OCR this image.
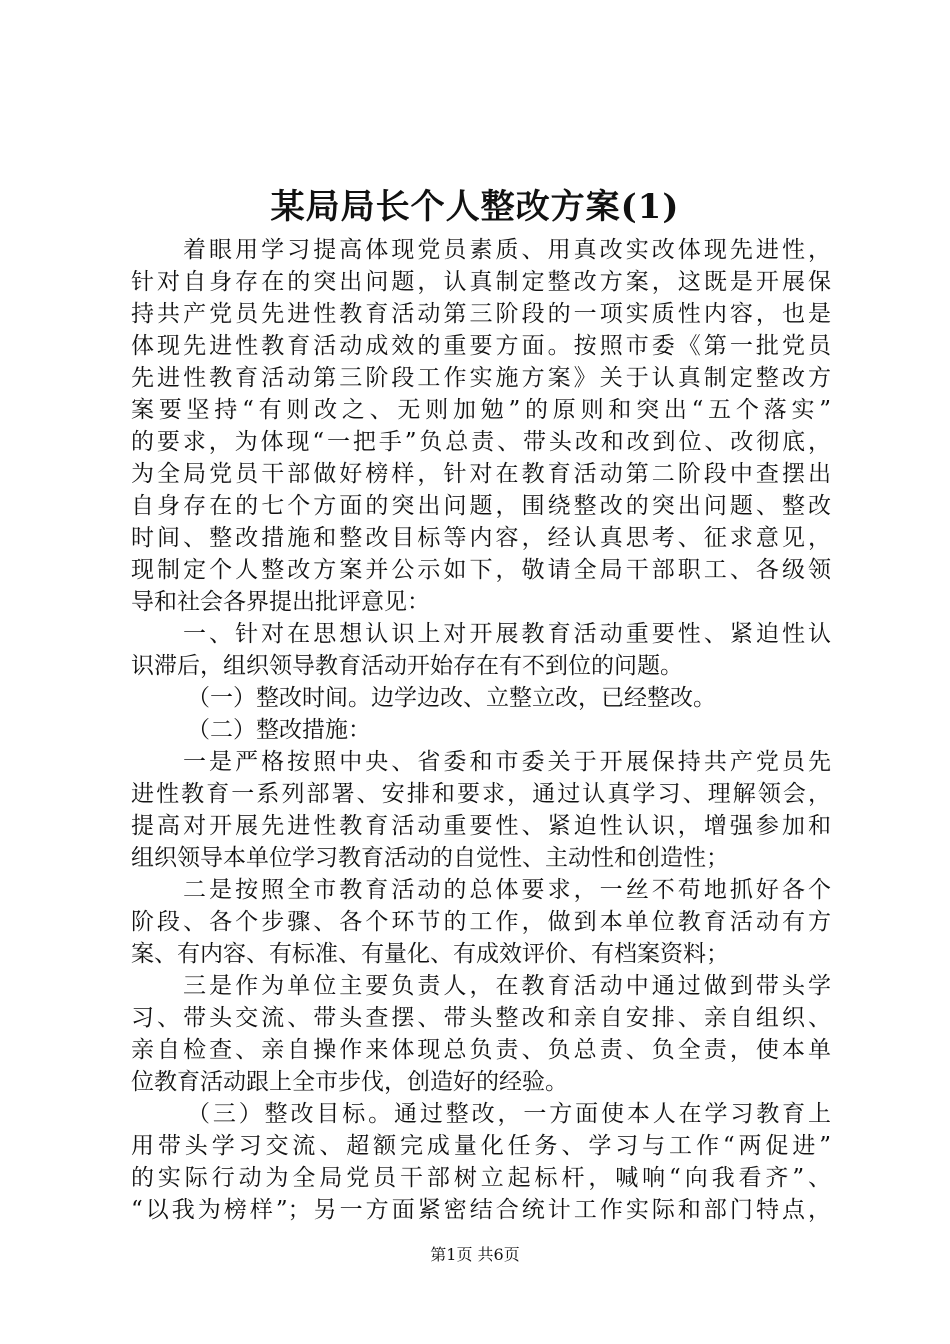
某局局长个人整改方案(1)
着眼用学习提高体现党员素质、用真改实改体现先进性，
针对自身存在的突出问题，认真制定整改方案，这既是开展保
持共产党员先进性教育活动第三阶段的一项实质性内容，也是
体现先进性教育活动成效的重要方面。按照市委《第一批党员
先进性教育活动第三阶段工作实施方案》关于认真制定整改方
案要坚持“有则改之、无则加勉”的原则和突出“五个落实”
的要求，为体现“一把手”负总责、带头改和改到位、改彻底，
为全局党员干部做好榜样，针对在教育活动第二阶段中查摆出
自身存在的七个方面的突出问题，围绕整改的突出问题、整改
时间、整改措施和整改目标等内容，经认真思考、征求意见，
现制定个人整改方案并公示如下，敬请全局干部职工、各级领
导和社会各界提出批评意见：
一、针对在思想认识上对开展教育活动重要性、紧迫性认
识滞后，组织领导教育活动开始存在有不到位的问题。
（一）整改时间。边学边改、立整立改，已经整改。
（二）整改措施：
一是严格按照中央、省委和市委关于开展保持共产党员先
进性教育一系列部署、安排和要求，通过认真学习、理解领会，
提高对开展先进性教育活动重要性、紧迫性认识，增强参加和
组织领导本单位学习教育活动的自觉性、主动性和创造性；
二是按照全市教育活动的总体要求，一丝不苟地抓好各个
阶段、各个步骤、各个环节的工作，做到本单位教育活动有方
案、有内容、有标准、有量化、有成效评价、有档案资料；
三是作为单位主要负责人，在教育活动中通过做到带头学
习、带头交流、带头查摆、带头整改和亲自安排、亲自组织、
亲自检查、亲自操作来体现总负责、负总责、负全责，使本单
位教育活动跟上全市步伐，创造好的经验。
（三）整改目标。通过整改，一方面使本人在学习教育上
用带头学习交流、超额完成量化任务、学习与工作“两促进”
的实际行动为全局党员干部树立起标杆，喊响“向我看齐”、
“以我为榜样”；另一方面紧密结合统计工作实际和部门特点，
第1页 共6页
